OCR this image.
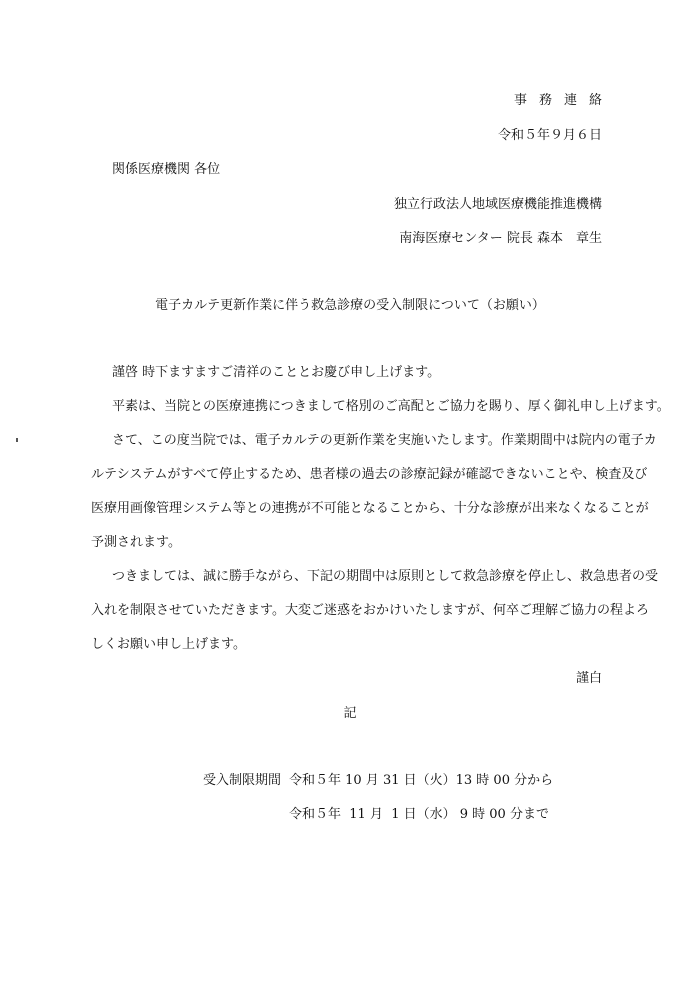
事務連絡
令和５年９月６日
関係医療機関 各位
独立行政法人地域医療機能推進機構
南海医療センター 院長 森本　章生
電子カルテ更新作業に伴う救急診療の受入制限について（お願い）
謹啓 時下ますますご清祥のこととお慶び申し上げます。
平素は、当院との医療連携につきまして格別のご高配とご協力を賜り、厚く御礼申し上げます。
さて、この度当院では、電子カルテの更新作業を実施いたします。作業期間中は院内の電子カ
ルテシステムがすべて停止するため、患者様の過去の診療記録が確認できないことや、検査及び
医療用画像管理システム等との連携が不可能となることから、十分な診療が出来なくなることが
予測されます。
つきましては、誠に勝手ながら、下記の期間中は原則として救急診療を停止し、救急患者の受
入れを制限させていただきます。大変ご迷惑をおかけいたしますが、何卒ご理解ご協力の程よろ
しくお願い申し上げます。
謹白
記
受入制限期間 令和５年 10 月 31 日（火）13 時 00 分から
令和５年  11 月  1 日（水） 9 時 00 分まで
